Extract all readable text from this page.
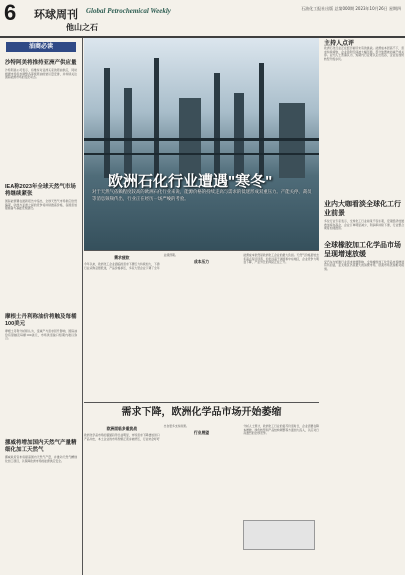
6 环球周刊 Global Petrochemical Weekly	石油化工报社出版 总第000期 2023年10月26日 星期四
他山之石
油商必读
沙特阿美将推持亚洲产供应量
沙特阿美公司表示，将维持对亚洲买家的原油供应，同时根据市场需求调整各等级原油的装运量安排，并持续关注国际能源市场的变化动态。
IEA称2023年全球天然气市场将继续紧张
国际能源署在最新报告中指出，全球天然气市场供应依然偏紧，欧洲与亚洲之间的竞争将持续推高价格，各国需加强储备与基础设施建设。
摩根士丹利称油价将触及每桶100美元
摩根士丹利分析师认为，受减产与需求回升影响，国际油价有望触及每桶100美元，市场供需缺口短期内难以弥合。
挪威将增加国内天然气产量精细化加工天然气
挪威政府宣布将提高国内天然气产量，并推动天然气精细化加工项目，以保障欧洲市场的能源供应安全。
欧洲石化行业遭遇"寒冬"
对于天然气依赖程度较高的欧洲石化行业来说，能源价格的持续走高与需求的低迷形成双重压力。产能关停、裁员等消息频频传出，行业正在经历一场严峻的考验。
主持人点评
欧洲石化行业正在经历前所未有的挑战。能源成本居高不下，需求持续疲软，企业盈利空间被大幅压缩，部分装置被迫减产或关停。业内人士普遍认为，短期内行业难以走出低谷，企业需加快转型升级步伐。
业内大咖看淡全球化工行业前景
多位行业专家表示，全球化工行业前景不容乐观，宏观经济放缓叠加库存高企，企业订单明显减少，利润率持续下滑，行业整合或将加速推进。
全球橡胶加工化学品市场呈现增速放缓
受汽车与轮胎行业需求放缓影响，全球橡胶加工化学品市场增速有所回落，亚太地区仍是最大的消费市场，欧美市场表现相对疲弱。
需求疲软
今年以来，欧洲化工企业面临的需求下滑压力持续加大，下游行业采购意愿低迷，产品价格承压，多家大型企业下调了全年业绩预期。
成本压力
能源成本依然是欧洲化工企业的最大负担。天然气价格虽较去年高点有所回落，但仍远高于美国和中东地区，企业竞争力明显下降，产业外迁的风险正在上升。
需求下降，欧洲化学品市场开始萎缩
欧洲面临多重挑战
欧洲化学品市场的萎缩趋势日益明显，市场需求下降叠加进口产品冲击，本土企业的市场份额正逐步被挤压，行业协会呼吁出台更多支持政策。
行业展望
分析人士预计，欧洲化工行业的复苏仍需时日，企业需要在降本增效、绿色转型和产品结构调整等方面加大投入，以应对日趋激烈的全球竞争。
